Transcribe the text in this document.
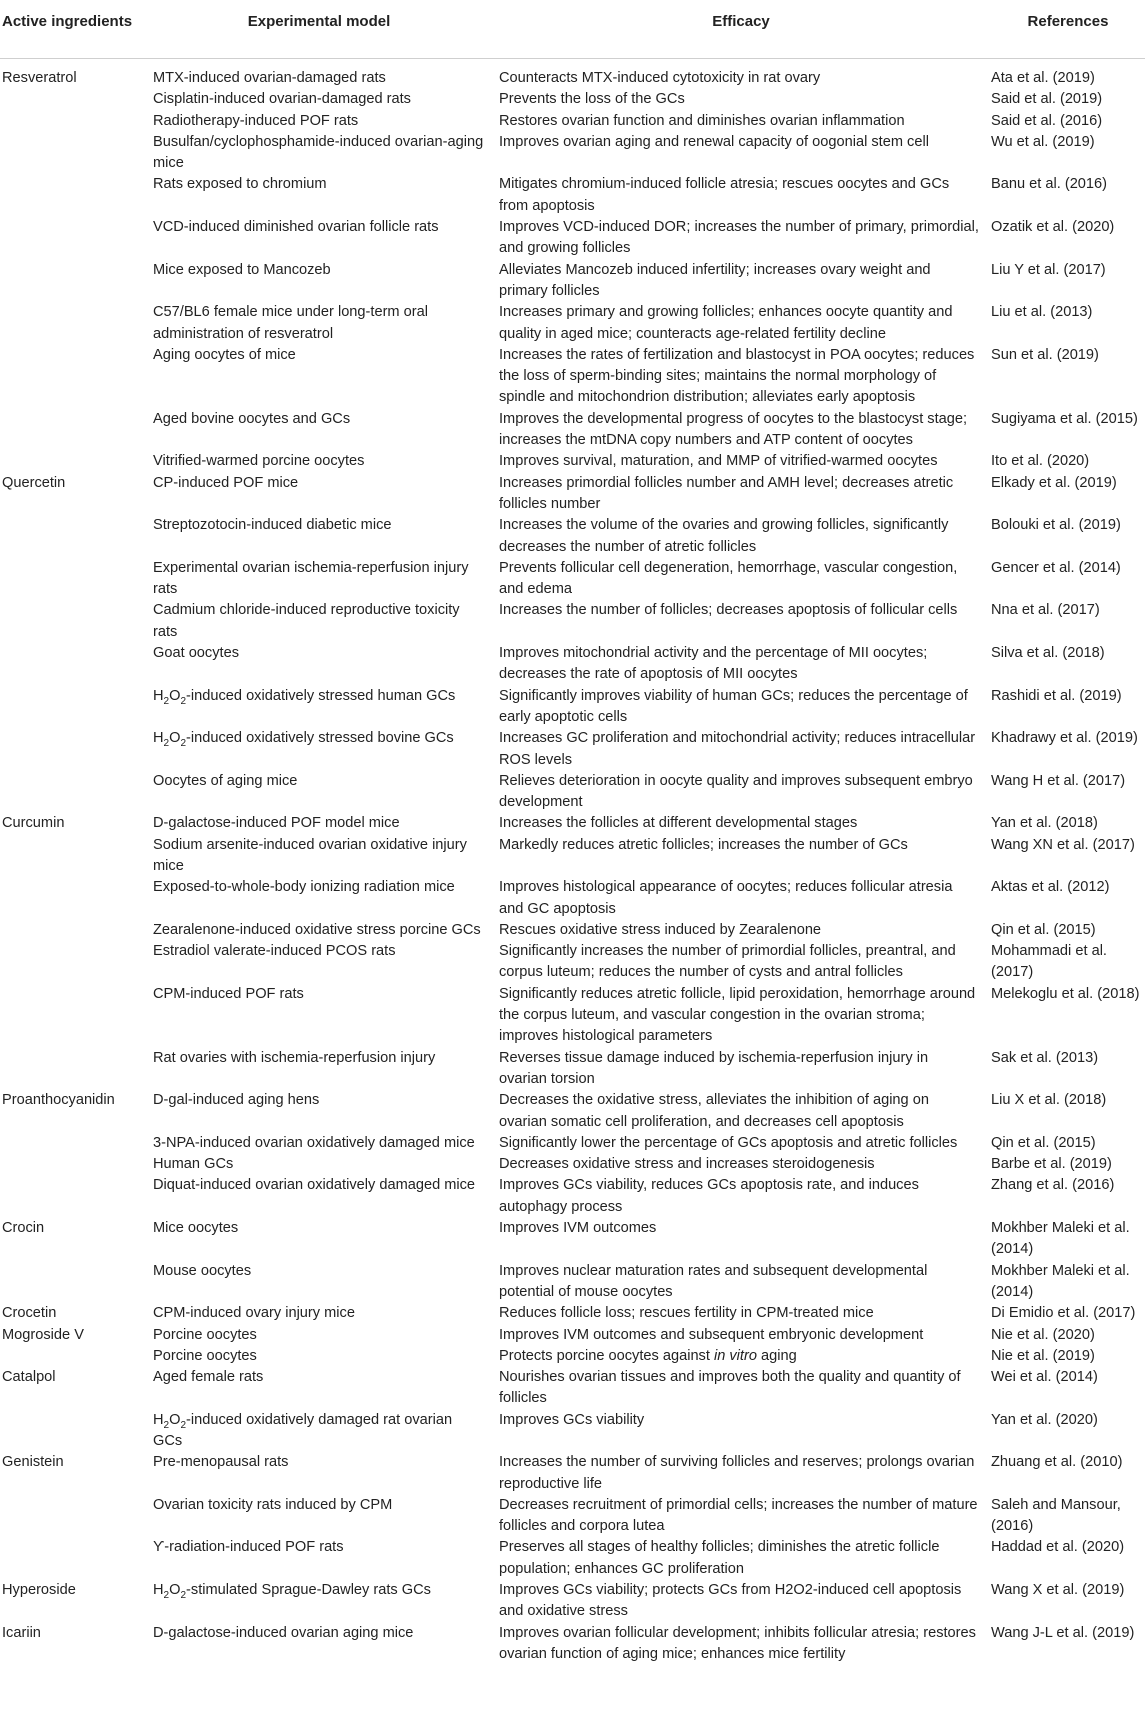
Active ingredients	Experimental model	Efficacy	References
Resveratrol	MTX-induced ovarian-damaged rats	Counteracts MTX-induced cytotoxicity in rat ovary	Ata et al. (2019)
	Cisplatin-induced ovarian-damaged rats	Prevents the loss of the GCs	Said et al. (2019)
	Radiotherapy-induced POF rats	Restores ovarian function and diminishes ovarian inflammation	Said et al. (2016)
	Busulfan/cyclophosphamide-induced ovarian-aging mice	Improves ovarian aging and renewal capacity of oogonial stem cell	Wu et al. (2019)
	Rats exposed to chromium	Mitigates chromium-induced follicle atresia; rescues oocytes and GCs from apoptosis	Banu et al. (2016)
	VCD-induced diminished ovarian follicle rats	Improves VCD-induced DOR; increases the number of primary, primordial, and growing follicles	Ozatik et al. (2020)
	Mice exposed to Mancozeb	Alleviates Mancozeb induced infertility; increases ovary weight and primary follicles	Liu Y et al. (2017)
	C57/BL6 female mice under long-term oral administration of resveratrol	Increases primary and growing follicles; enhances oocyte quantity and quality in aged mice; counteracts age-related fertility decline	Liu et al. (2013)
	Aging oocytes of mice	Increases the rates of fertilization and blastocyst in POA oocytes; reduces the loss of sperm-binding sites; maintains the normal morphology of spindle and mitochondrion distribution; alleviates early apoptosis	Sun et al. (2019)
	Aged bovine oocytes and GCs	Improves the developmental progress of oocytes to the blastocyst stage; increases the mtDNA copy numbers and ATP content of oocytes	Sugiyama et al. (2015)
	Vitrified-warmed porcine oocytes	Improves survival, maturation, and MMP of vitrified-warmed oocytes	Ito et al. (2020)
Quercetin	CP-induced POF mice	Increases primordial follicles number and AMH level; decreases atretic follicles number	Elkady et al. (2019)
	Streptozotocin-induced diabetic mice	Increases the volume of the ovaries and growing follicles, significantly decreases the number of atretic follicles	Bolouki et al. (2019)
	Experimental ovarian ischemia-reperfusion injury rats	Prevents follicular cell degeneration, hemorrhage, vascular congestion, and edema	Gencer et al. (2014)
	Cadmium chloride-induced reproductive toxicity rats	Increases the number of follicles; decreases apoptosis of follicular cells	Nna et al. (2017)
	Goat oocytes	Improves mitochondrial activity and the percentage of MII oocytes; decreases the rate of apoptosis of MII oocytes	Silva et al. (2018)
	$H_2O_2$-induced oxidatively stressed human GCs	Significantly improves viability of human GCs; reduces the percentage of early apoptotic cells	Rashidi et al. (2019)
	$H_2O_2$-induced oxidatively stressed bovine GCs	Increases GC proliferation and mitochondrial activity; reduces intracellular ROS levels	Khadrawy et al. (2019)
	Oocytes of aging mice	Relieves deterioration in oocyte quality and improves subsequent embryo development	Wang H et al. (2017)
Curcumin	D-galactose-induced POF model mice	Increases the follicles at different developmental stages	Yan et al. (2018)
	Sodium arsenite-induced ovarian oxidative injury mice	Markedly reduces atretic follicles; increases the number of GCs	Wang XN et al. (2017)
	Exposed-to-whole-body ionizing radiation mice	Improves histological appearance of oocytes; reduces follicular atresia and GC apoptosis	Aktas et al. (2012)
	Zearalenone-induced oxidative stress porcine GCs	Rescues oxidative stress induced by Zearalenone	Qin et al. (2015)
	Estradiol valerate-induced PCOS rats	Significantly increases the number of primordial follicles, preantral, and corpus luteum; reduces the number of cysts and antral follicles	Mohammadi et al. (2017)
	CPM-induced POF rats	Significantly reduces atretic follicle, lipid peroxidation, hemorrhage around the corpus luteum, and vascular congestion in the ovarian stroma; improves histological parameters	Melekoglu et al. (2018)
	Rat ovaries with ischemia-reperfusion injury	Reverses tissue damage induced by ischemia-reperfusion injury in ovarian torsion	Sak et al. (2013)
Proanthocyanidin	D-gal-induced aging hens	Decreases the oxidative stress, alleviates the inhibition of aging on ovarian somatic cell proliferation, and decreases cell apoptosis	Liu X et al. (2018)
	3-NPA-induced ovarian oxidatively damaged mice	Significantly lower the percentage of GCs apoptosis and atretic follicles	Qin et al. (2015)
	Human GCs	Decreases oxidative stress and increases steroidogenesis	Barbe et al. (2019)
	Diquat-induced ovarian oxidatively damaged mice	Improves GCs viability, reduces GCs apoptosis rate, and induces autophagy process	Zhang et al. (2016)
Crocin	Mice oocytes	Improves IVM outcomes	Mokhber Maleki et al. (2014)
	Mouse oocytes	Improves nuclear maturation rates and subsequent developmental potential of mouse oocytes	Mokhber Maleki et al. (2014)
Crocetin	CPM-induced ovary injury mice	Reduces follicle loss; rescues fertility in CPM-treated mice	Di Emidio et al. (2017)
Mogroside V	Porcine oocytes	Improves IVM outcomes and subsequent embryonic development	Nie et al. (2020)
	Porcine oocytes	Protects porcine oocytes against in vitro aging	Nie et al. (2019)
Catalpol	Aged female rats	Nourishes ovarian tissues and improves both the quality and quantity of follicles	Wei et al. (2014)
	$H_2O_2$-induced oxidatively damaged rat ovarian GCs	Improves GCs viability	Yan et al. (2020)
Genistein	Pre-menopausal rats	Increases the number of surviving follicles and reserves; prolongs ovarian reproductive life	Zhuang et al. (2010)
	Ovarian toxicity rats induced by CPM	Decreases recruitment of primordial cells; increases the number of mature follicles and corpora lutea	Saleh and Mansour, (2016)
	ϒ-radiation-induced POF rats	Preserves all stages of healthy follicles; diminishes the atretic follicle population; enhances GC proliferation	Haddad et al. (2020)
Hyperoside	$H_2O_2$-stimulated Sprague-Dawley rats GCs	Improves GCs viability; protects GCs from H2O2-induced cell apoptosis and oxidative stress	Wang X et al. (2019)
Icariin	D-galactose-induced ovarian aging mice	Improves ovarian follicular development; inhibits follicular atresia; restores ovarian function of aging mice; enhances mice fertility	Wang J-L et al. (2019)
